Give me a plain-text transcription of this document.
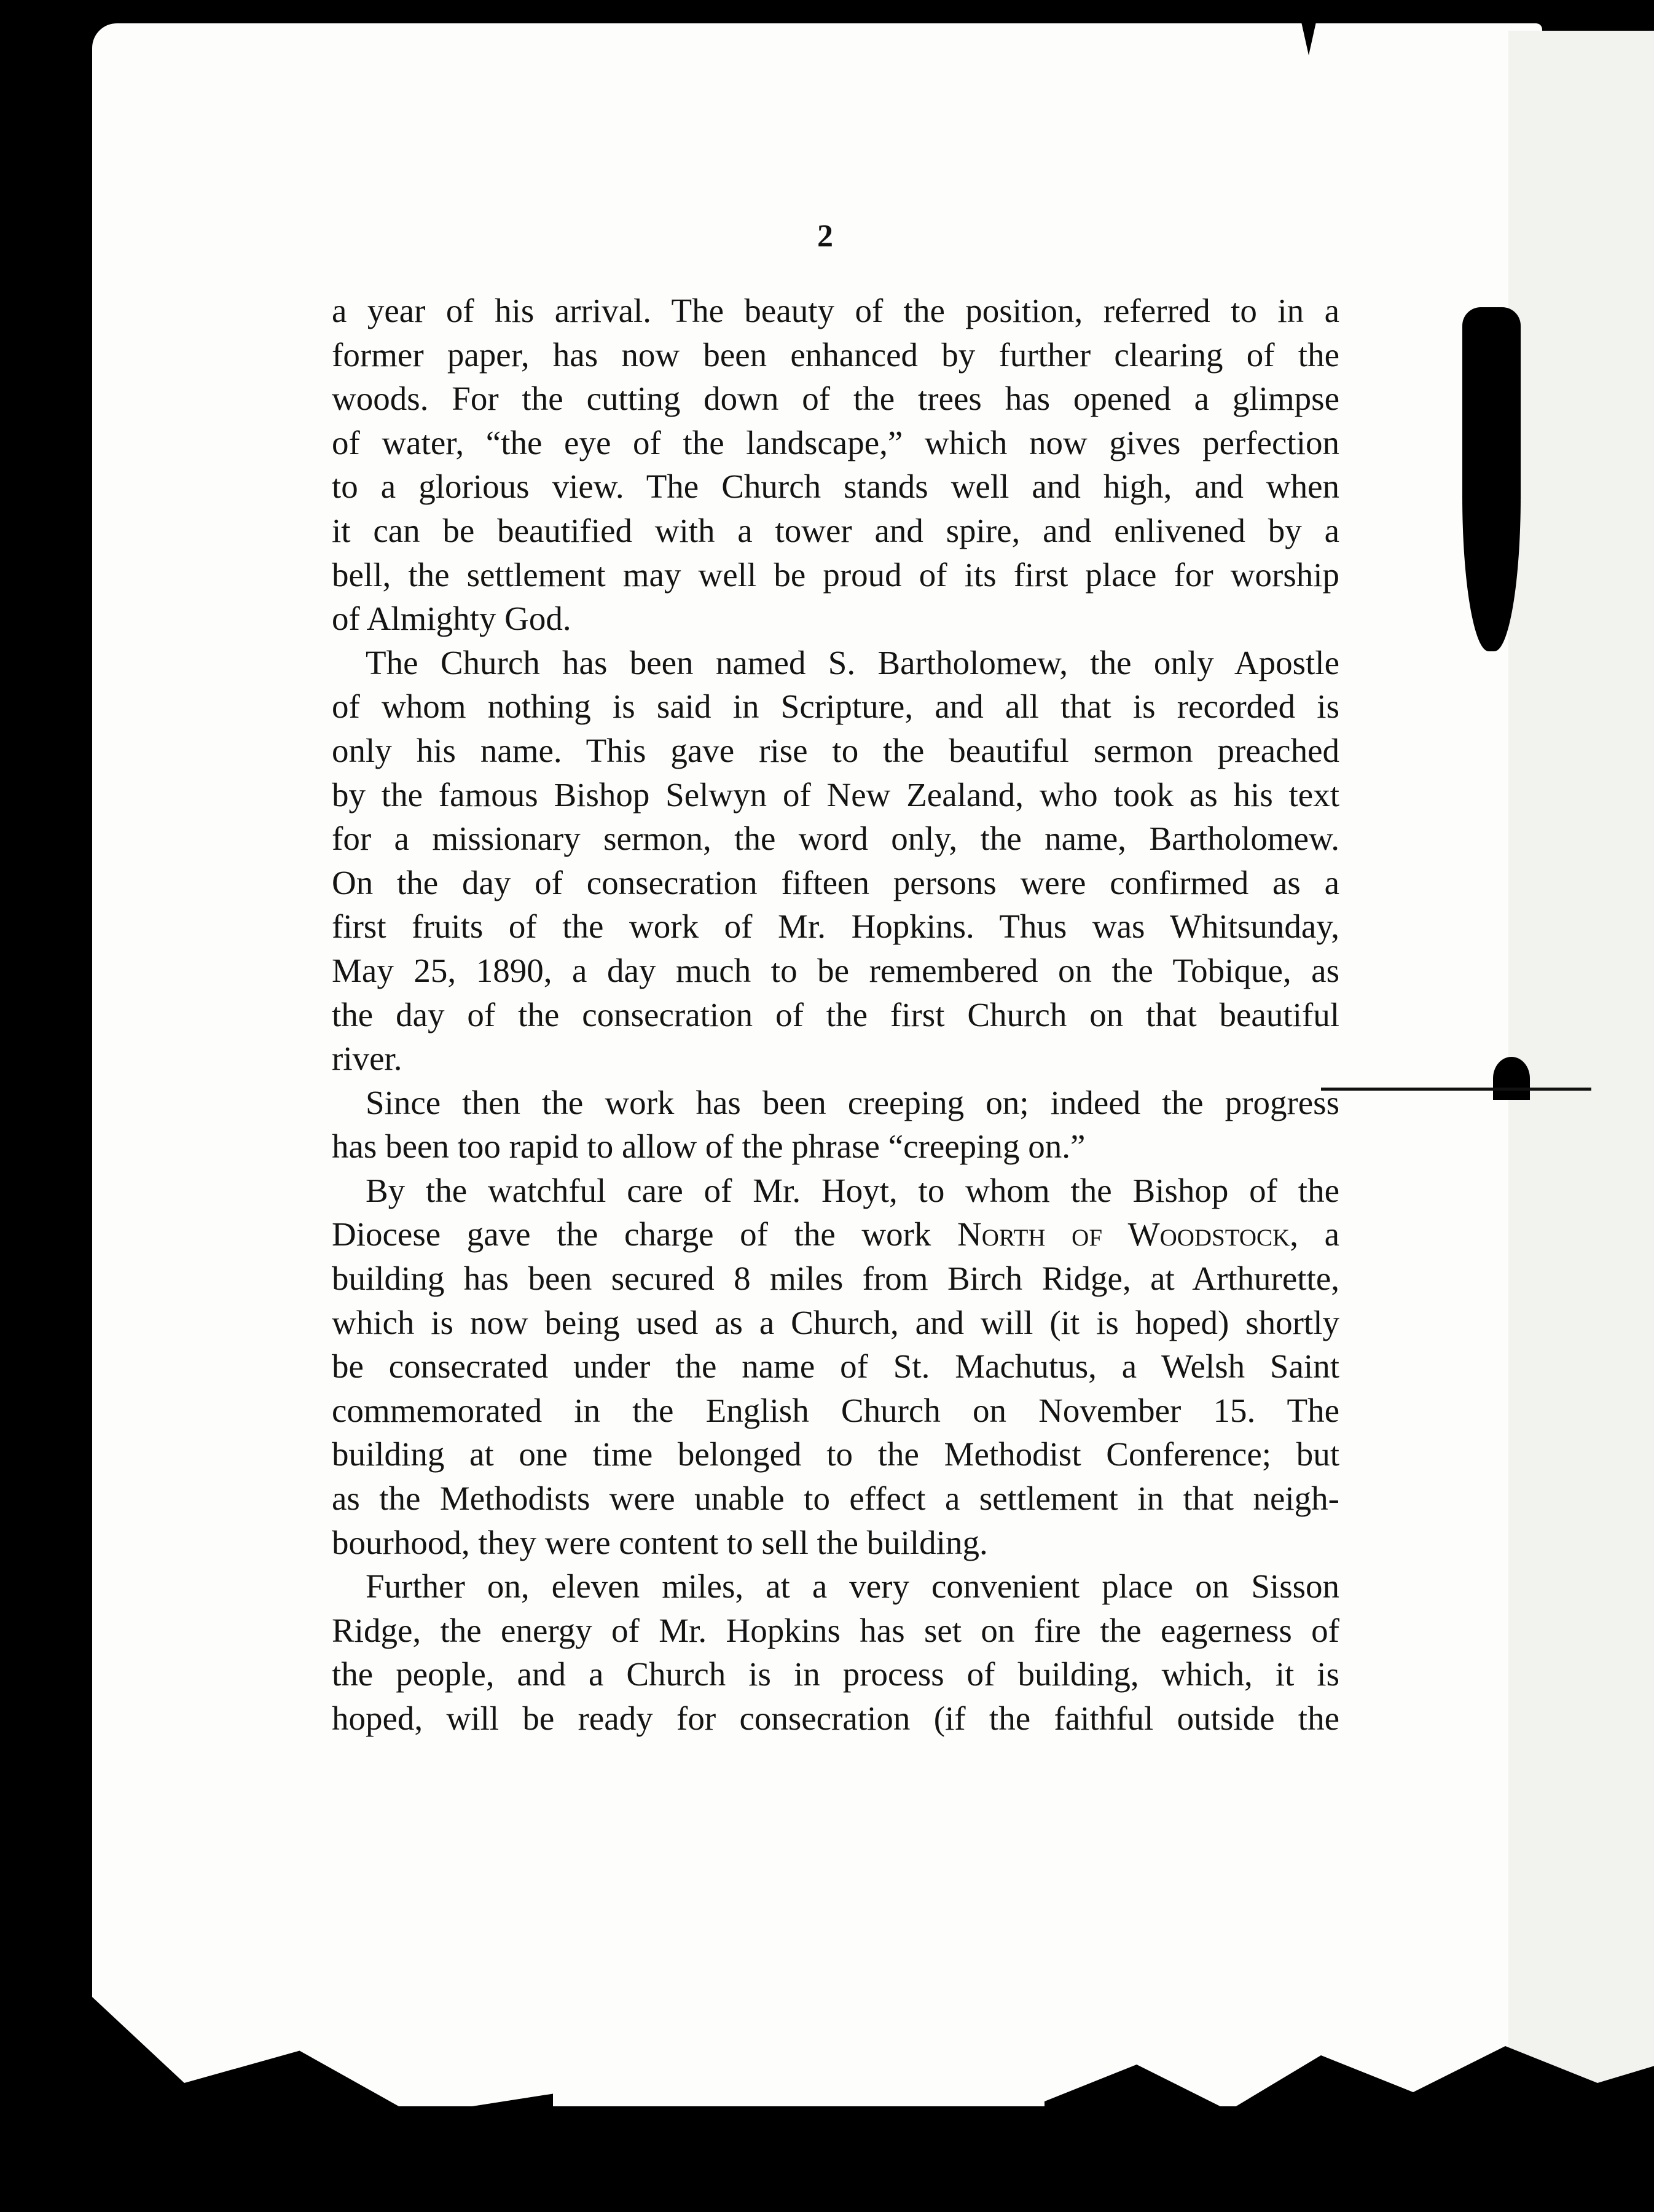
2
a year of his arrival. The beauty of the position, referred to in a
former paper, has now been enhanced by further clearing of the
woods. For the cutting down of the trees has opened a glimpse
of water, “the eye of the landscape,” which now gives perfection
to a glorious view. The Church stands well and high, and when
it can be beautified with a tower and spire, and enlivened by a
bell, the settlement may well be proud of its first place for worship
of Almighty God.
The Church has been named S. Bartholomew, the only Apostle
of whom nothing is said in Scripture, and all that is recorded is
only his name. This gave rise to the beautiful sermon preached
by the famous Bishop Selwyn of New Zealand, who took as his text
for a missionary sermon, the word only, the name, Bartholomew.
On the day of consecration fifteen persons were confirmed as a
first fruits of the work of Mr. Hopkins. Thus was Whitsunday,
May 25, 1890, a day much to be remembered on the Tobique, as
the day of the consecration of the first Church on that beautiful
river.
Since then the work has been creeping on; indeed the progress
has been too rapid to allow of the phrase “creeping on.”
By the watchful care of Mr. Hoyt, to whom the Bishop of the
Diocese gave the charge of the work North of Woodstock, a
building has been secured 8 miles from Birch Ridge, at Arthurette,
which is now being used as a Church, and will (it is hoped) shortly
be consecrated under the name of St. Machutus, a Welsh Saint
commemorated in the English Church on November 15. The
building at one time belonged to the Methodist Conference; but
as the Methodists were unable to effect a settlement in that neigh-
bourhood, they were content to sell the building.
Further on, eleven miles, at a very convenient place on Sisson
Ridge, the energy of Mr. Hopkins has set on fire the eagerness of
the people, and a Church is in process of building, which, it is
hoped, will be ready for consecration (if the faithful outside the
